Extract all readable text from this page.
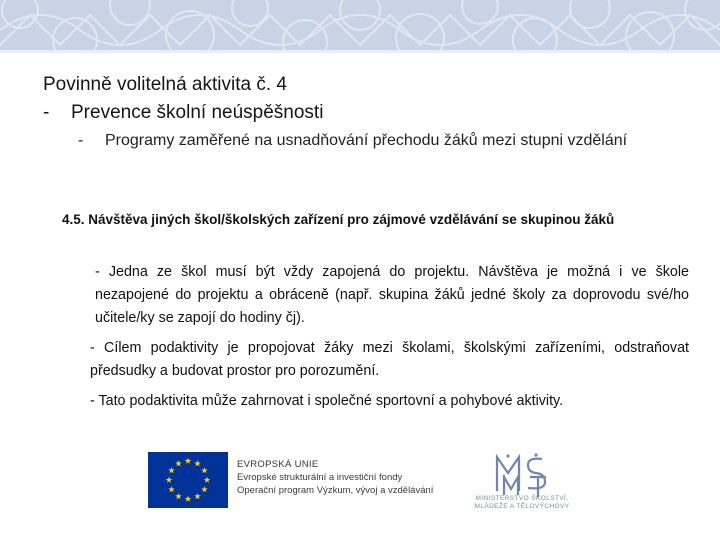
Povinně volitelná aktivita č. 4
- Prevence školní neúspěšnosti
- Programy zaměřené na usnadňování přechodu žáků mezi stupni vzdělání
4.5. Návštěva jiných škol/školských zařízení pro zájmové vzdělávání se skupinou žáků
- Jedna ze škol musí být vždy zapojená do projektu. Návštěva je možná i ve škole nezapojené do projektu a obráceně (např. skupina žáků jedné školy za doprovodu své/ho učitele/ky se zapojí do hodiny čj).
- Cílem podaktivity je propojovat žáky mezi školami, školskými zařízeními, odstraňovat předsudky a budovat prostor pro porozumění.
- Tato podaktivita může zahrnovat i společné sportovní a pohybové aktivity.
EVROPSKÁ UNIE
Evropské strukturální a investiční fondy
Operační program Výzkum, vývoj a vzdělávání
MINISTERSTVO ŠKOLSTVÍ,
MLÁDEŽE A TĚLOVÝCHOVY
